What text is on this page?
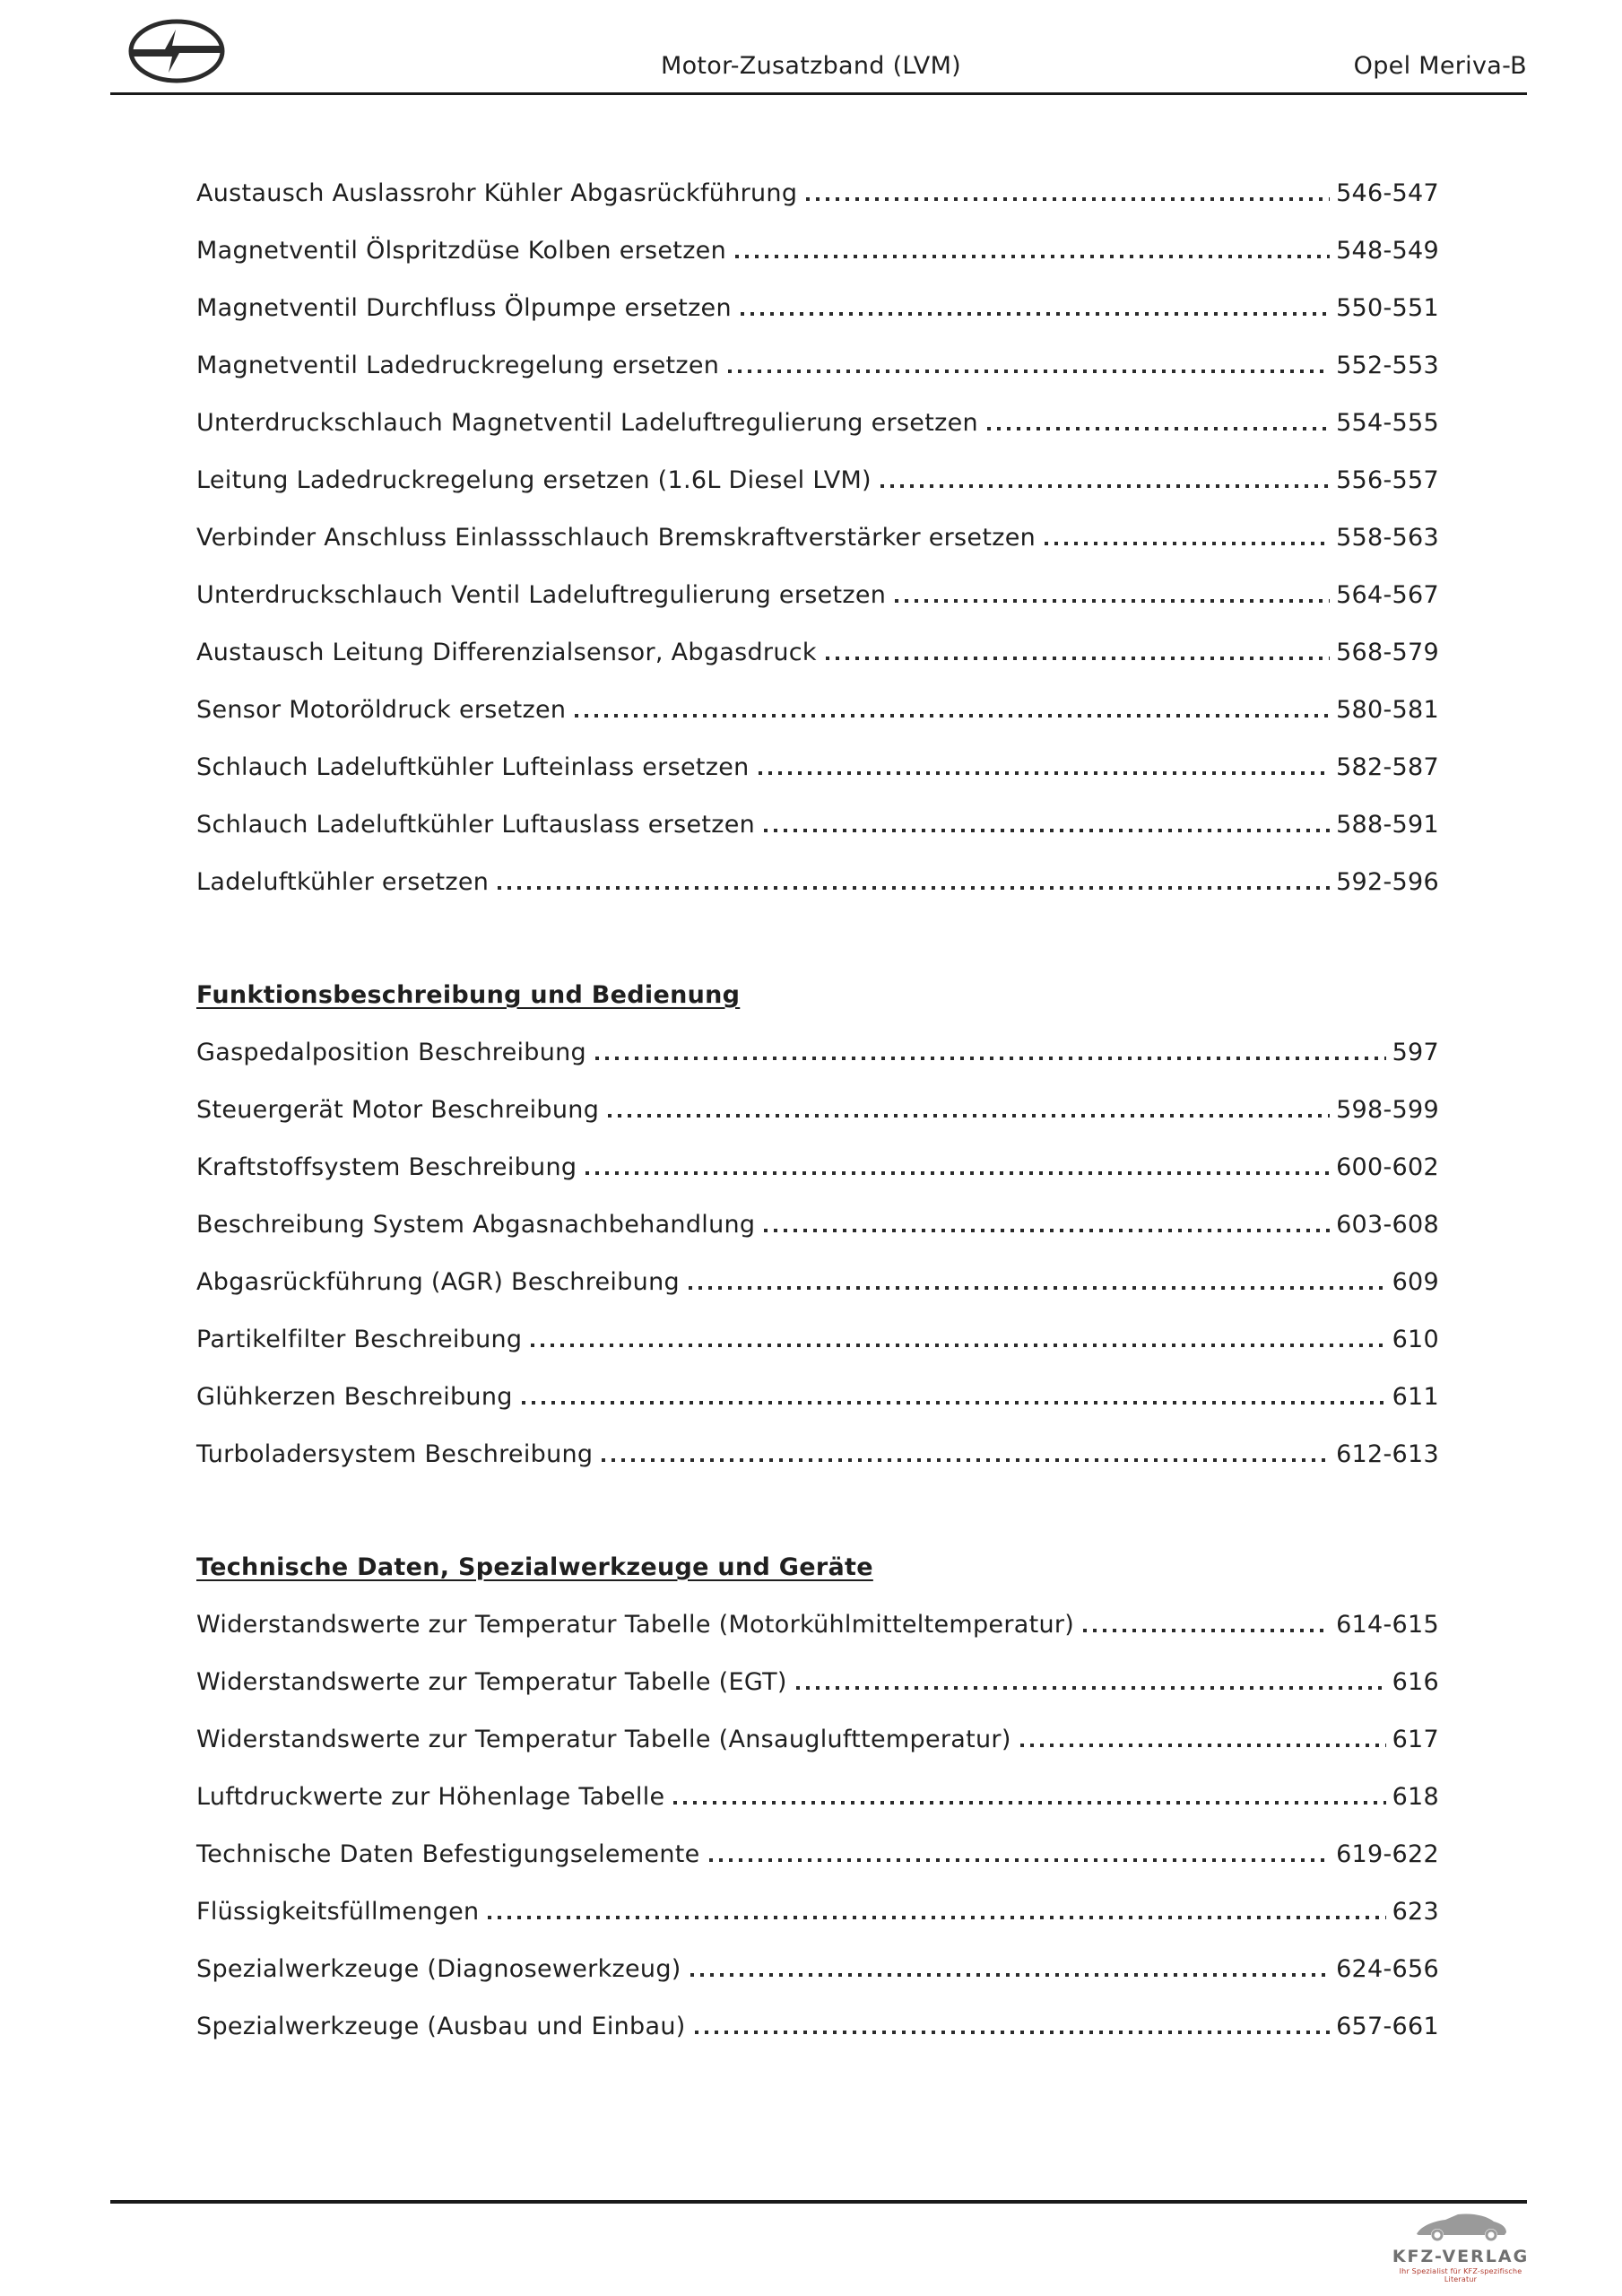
Motor-Zusatzband (LVM)	Opel Meriva-B
Austausch Auslassrohr Kühler Abgasrückführung	546-547
Magnetventil Ölspritzdüse Kolben ersetzen	548-549
Magnetventil Durchfluss Ölpumpe ersetzen	550-551
Magnetventil Ladedruckregelung ersetzen	552-553
Unterdruckschlauch Magnetventil Ladeluftregulierung ersetzen	554-555
Leitung Ladedruckregelung ersetzen (1.6L Diesel LVM)	556-557
Verbinder Anschluss Einlassschlauch Bremskraftverstärker ersetzen	558-563
Unterdruckschlauch Ventil Ladeluftregulierung ersetzen	564-567
Austausch Leitung Differenzialsensor, Abgasdruck	568-579
Sensor Motoröldruck ersetzen	580-581
Schlauch Ladeluftkühler Lufteinlass ersetzen	582-587
Schlauch Ladeluftkühler Luftauslass ersetzen	588-591
Ladeluftkühler ersetzen	592-596
Funktionsbeschreibung und Bedienung
Gaspedalposition Beschreibung	597
Steuergerät Motor Beschreibung	598-599
Kraftstoffsystem Beschreibung	600-602
Beschreibung System Abgasnachbehandlung	603-608
Abgasrückführung (AGR) Beschreibung	609
Partikelfilter Beschreibung	610
Glühkerzen Beschreibung	611
Turboladersystem Beschreibung	612-613
Technische Daten, Spezialwerkzeuge und Geräte
Widerstandswerte zur Temperatur Tabelle (Motorkühlmitteltemperatur)	614-615
Widerstandswerte zur Temperatur Tabelle (EGT)	616
Widerstandswerte zur Temperatur Tabelle (Ansauglufttemperatur)	617
Luftdruckwerte zur Höhenlage Tabelle	618
Technische Daten Befestigungselemente	619-622
Flüssigkeitsfüllmengen	623
Spezialwerkzeuge (Diagnosewerkzeug)	624-656
Spezialwerkzeuge (Ausbau und Einbau)	657-661
KFZ-VERLAG
Ihr Spezialist für KFZ-spezifische Literatur
